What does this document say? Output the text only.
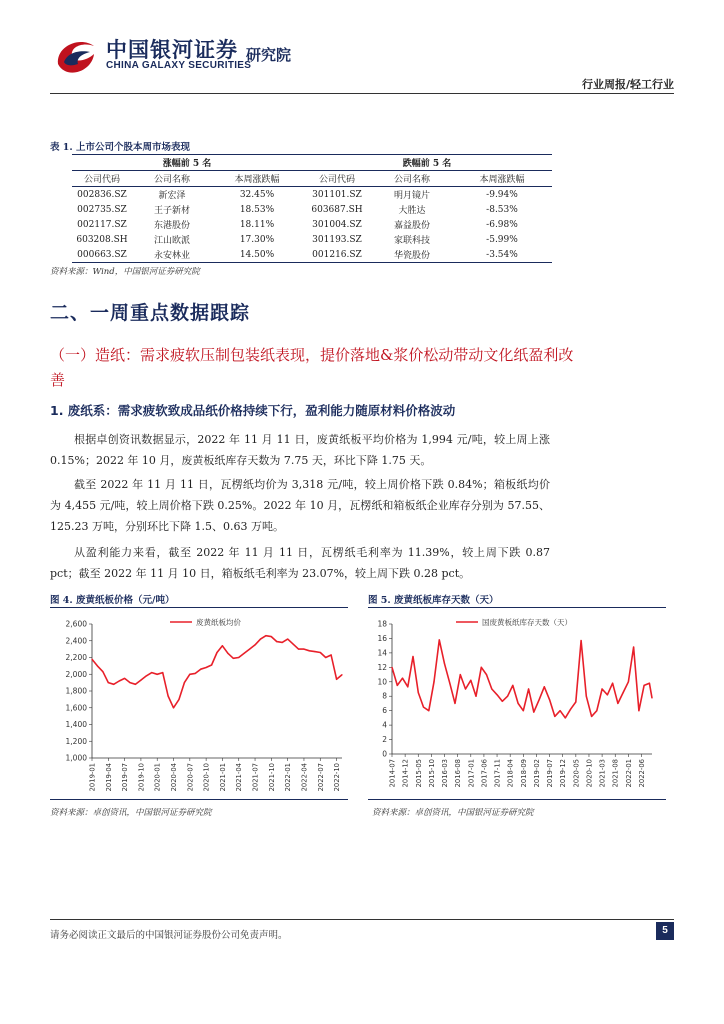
中国银河证券
CHINA GALAXY SECURITIES
研究院
行业周报/轻工行业
表 1. 上市公司个股本周市场表现
涨幅前 5 名			跌幅前 5 名		
公司代码	公司名称	本周涨跌幅	公司代码	公司名称	本周涨跌幅
002836.SZ	新宏泽	32.45%	301101.SZ	明月镜片	-9.94%
002735.SZ	王子新材	18.53%	603687.SH	大胜达	-8.53%
002117.SZ	东港股份	18.11%	301004.SZ	嘉益股份	-6.98%
603208.SH	江山欧派	17.30%	301193.SZ	家联科技	-5.99%
000663.SZ	永安林业	14.50%	001216.SZ	华瓷股份	-3.54%
资料来源：Wind，中国银河证券研究院
二、一周重点数据跟踪
（一）造纸：需求疲软压制包装纸表现，提价落地&浆价松动带动文化纸盈利改善
1. 废纸系：需求疲软致成品纸价格持续下行，盈利能力随原材料价格波动
根据卓创资讯数据显示，2022 年 11 月 11 日，废黄纸板平均价格为 1,994 元/吨，较上周上涨 0.15%；2022 年 10 月，废黄板纸库存天数为 7.75 天，环比下降 1.75 天。
截至 2022 年 11 月 11 日，瓦楞纸均价为 3,318 元/吨，较上周价格下跌 0.84%；箱板纸均价为 4,455 元/吨，较上周价格下跌 0.25%。2022 年 10 月，瓦楞纸和箱板纸企业库存分别为 57.55、125.23 万吨，分别环比下降 1.5、0.63 万吨。
从盈利能力来看，截至 2022 年 11 月 11 日，瓦楞纸毛利率为 11.39%，较上周下跌 0.87 pct；截至 2022 年 11 月 10 日，箱板纸毛利率为 23.07%，较上周下跌 0.28 pct。
图 4. 废黄纸板价格（元/吨）
1,000
1,200
1,400
1,600
1,800
2,000
2,200
2,400
2,600
2019-01 2019-04 2019-07 2019-10 2020-01 2020-04 2020-07 2020-10 2021-01 2021-04 2021-07 2021-10 2022-01 2022-04 2022-07 2022-10
废黄纸板均价
资料来源：卓创资讯，中国银河证券研究院
图 5. 废黄纸板库存天数（天）
0
2
4
6
8
10
12
14
16
18
2014-07 2014-12 2015-05 2015-10 2016-03 2016-08 2017-01 2017-06 2017-11 2018-04 2018-09 2019-02 2019-07 2019-12 2020-05 2020-10 2021-03 2021-08 2022-01 2022-06
国废黄板纸库存天数（天）
资料来源：卓创资讯，中国银河证券研究院
请务必阅读正文最后的中国银河证券股份公司免责声明。	5
